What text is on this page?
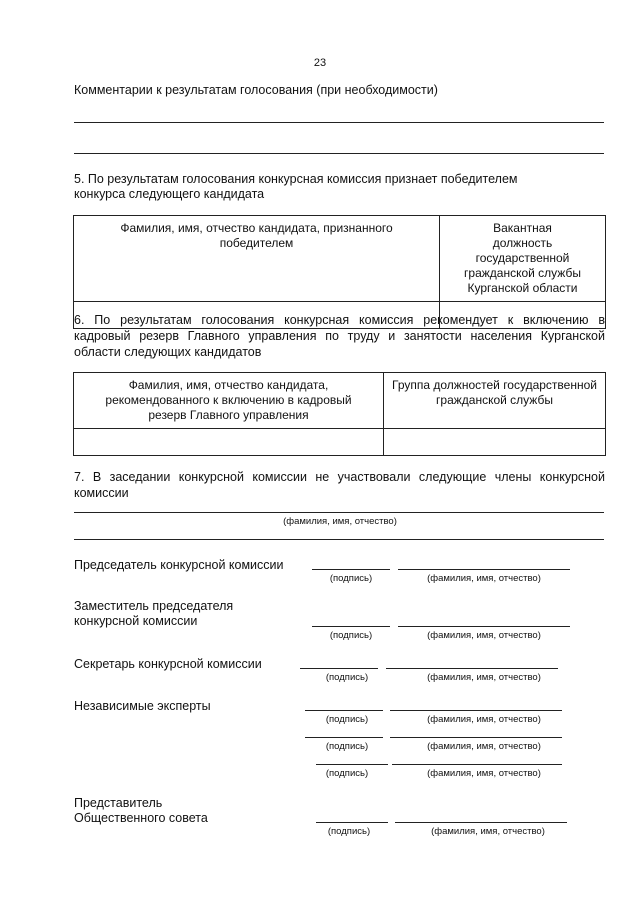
23
Комментарии к результатам голосования (при необходимости)
5. По результатам голосования конкурсная комиссия признает победителем
конкурса следующего кандидата
Фамилия, имя, отчество кандидата, признанного победителем	Вакантная должность государственной гражданской службы Курганской области

6. По результатам голосования конкурсная комиссия рекомендует к включению в
кадровый резерв Главного управления по труду и занятости населения Курганской
области следующих кандидатов
Фамилия, имя, отчество кандидата, рекомендованного к включению в кадровый резерв Главного управления	Группа должностей государственной гражданской службы

7. В заседании конкурсной комиссии не участвовали следующие члены конкурсной
комиссии
(фамилия, имя, отчество)
Председатель конкурсной комиссии
(подпись)	(фамилия, имя, отчество)
Заместитель председателя
конкурсной комиссии
(подпись)	(фамилия, имя, отчество)
Секретарь конкурсной комиссии
(подпись)	(фамилия, имя, отчество)
Независимые эксперты
(подпись)	(фамилия, имя, отчество)
(подпись)	(фамилия, имя, отчество)
(подпись)	(фамилия, имя, отчество)
Представитель
Общественного совета
(подпись)	(фамилия, имя, отчество)
